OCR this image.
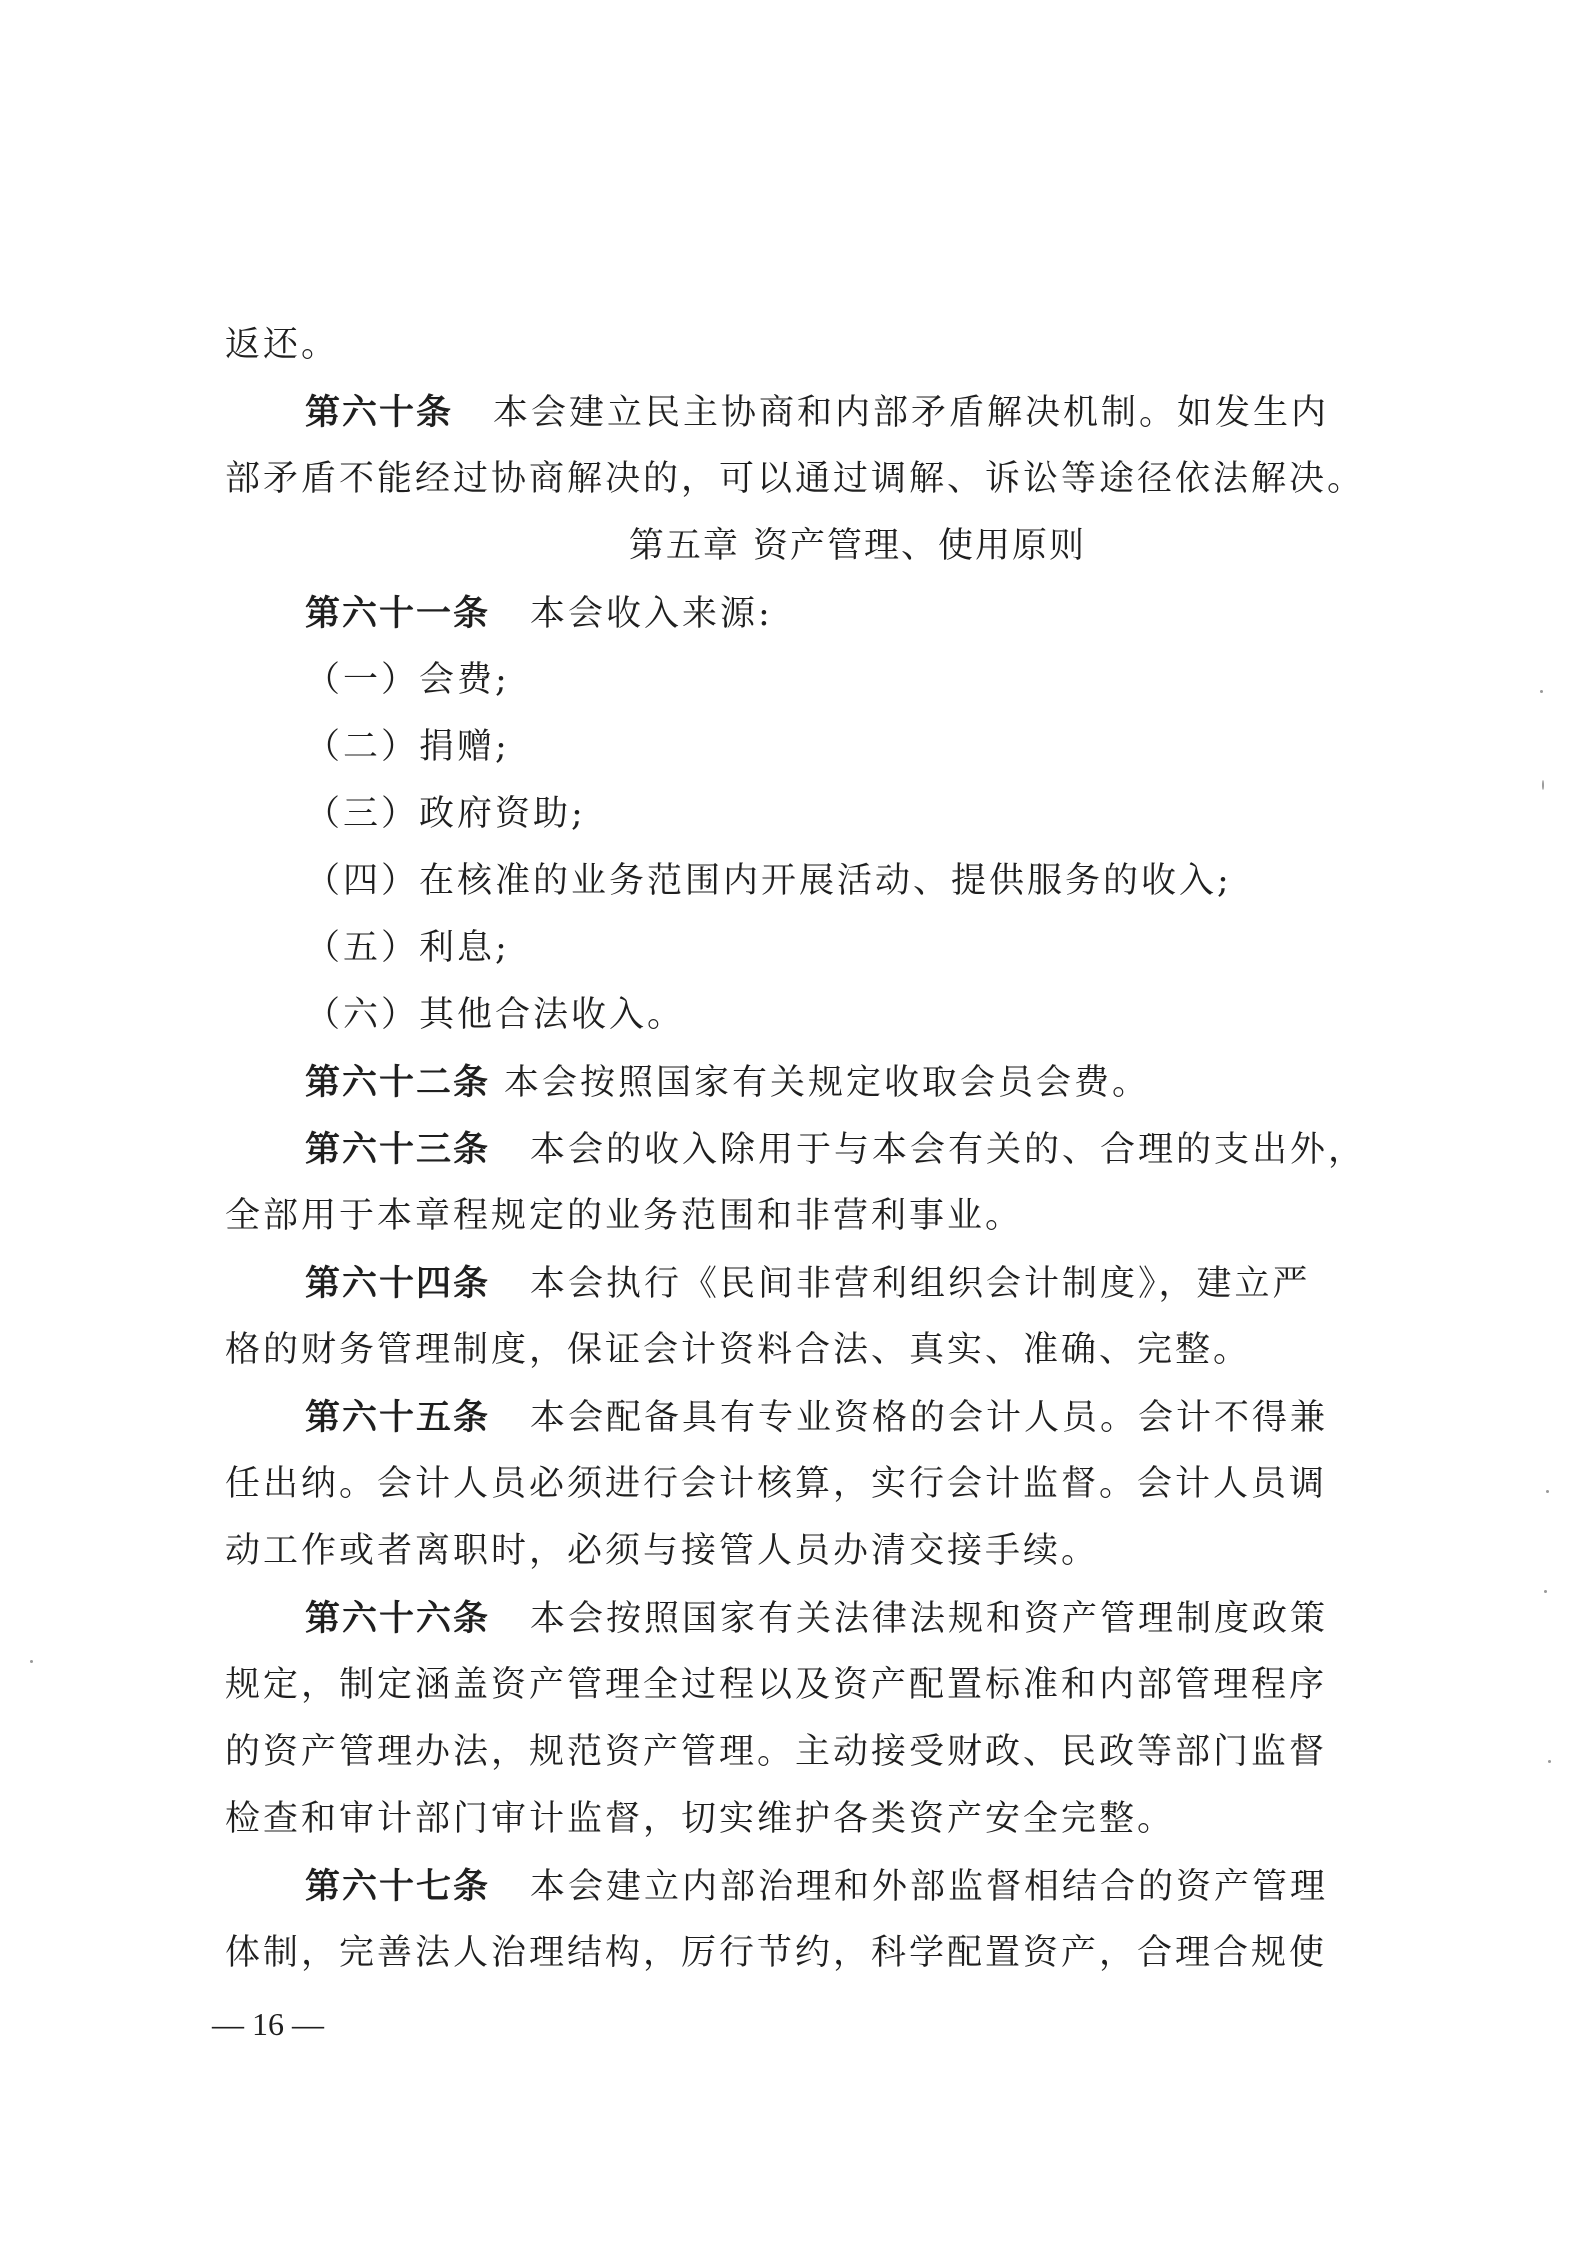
返还。
第六十条 本会建立民主协商和内部矛盾解决机制。如发生内
部矛盾不能经过协商解决的，可以通过调解、诉讼等途径依法解决。
第五章 资产管理、使用原则
第六十一条 本会收入来源:
（一）会费;
（二）捐赠;
（三）政府资助;
（四）在核准的业务范围内开展活动、提供服务的收入;
（五）利息;
（六）其他合法收入。
第六十二条 本会按照国家有关规定收取会员会费。
第六十三条 本会的收入除用于与本会有关的、合理的支出外，
全部用于本章程规定的业务范围和非营利事业。
第六十四条 本会执行《民间非营利组织会计制度》，建立严
格的财务管理制度，保证会计资料合法、真实、准确、完整。
第六十五条 本会配备具有专业资格的会计人员。会计不得兼
任出纳。会计人员必须进行会计核算，实行会计监督。会计人员调
动工作或者离职时，必须与接管人员办清交接手续。
第六十六条 本会按照国家有关法律法规和资产管理制度政策
规定，制定涵盖资产管理全过程以及资产配置标准和内部管理程序
的资产管理办法，规范资产管理。主动接受财政、民政等部门监督
检查和审计部门审计监督，切实维护各类资产安全完整。
第六十七条 本会建立内部治理和外部监督相结合的资产管理
体制，完善法人治理结构，厉行节约，科学配置资产，合理合规使
— 16 —
